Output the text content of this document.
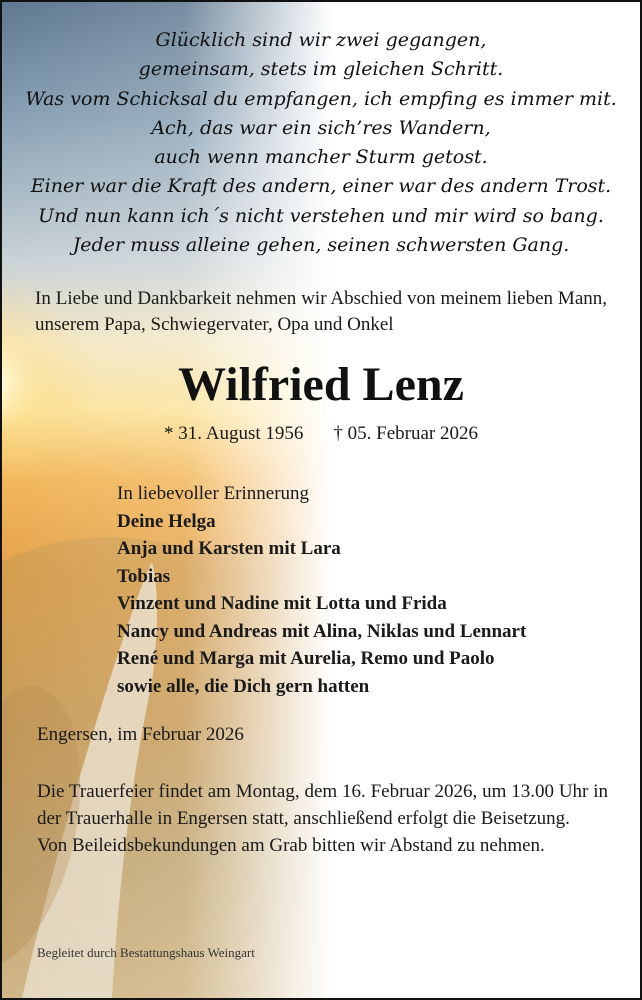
Glücklich sind wir zwei gegangen,
gemeinsam, stets im gleichen Schritt.
Was vom Schicksal du empfangen, ich empfing es immer mit.
Ach, das war ein sich’res Wandern,
auch wenn mancher Sturm getost.
Einer war die Kraft des andern, einer war des andern Trost.
Und nun kann ich´s nicht verstehen und mir wird so bang.
Jeder muss alleine gehen, seinen schwersten Gang.
In Liebe und Dankbarkeit nehmen wir Abschied von meinem lieben Mann, unserem Papa, Schwiegervater, Opa und Onkel
Wilfried Lenz
* 31. August 1956 † 05. Februar 2026
In liebevoller Erinnerung
Deine Helga
Anja und Karsten mit Lara
Tobias
Vinzent und Nadine mit Lotta und Frida
Nancy und Andreas mit Alina, Niklas und Lennart
René und Marga mit Aurelia, Remo und Paolo
sowie alle, die Dich gern hatten
Engersen, im Februar 2026

Die Trauerfeier findet am Montag, dem 16. Februar 2026, um 13.00 Uhr in der Trauerhalle in Engersen statt, anschließend erfolgt die Beisetzung.

Von Beileidsbekundungen am Grab bitten wir Abstand zu nehmen.

Begleitet durch Bestattungshaus Weingart
